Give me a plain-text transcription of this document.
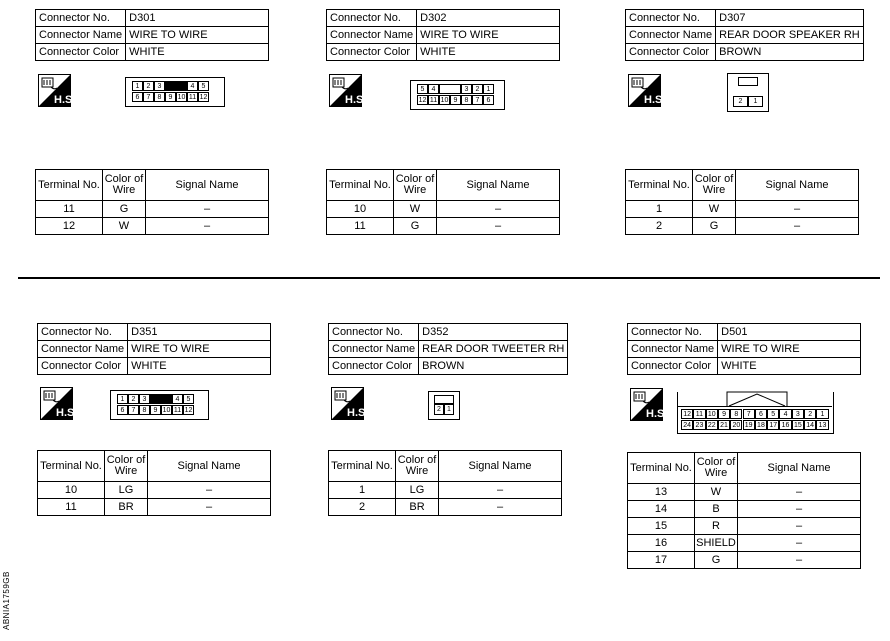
ABNIA1759GB
Connector No.	D301
Connector Name	WIRE TO WIRE
Connector Color	WHITE
H.S.
1	2	3	4	5
6	7	8	9 10 11 12
Terminal No.	Color of Wire	Signal Name
11	G	–
12	W	–
Connector No.	D302
Connector Name	WIRE TO WIRE
Connector Color	WHITE
H.S.
5	4	3	2	1
12 11 10 9	8	7	6
Terminal No.	Color of Wire	Signal Name
10	W	–
11	G	–
Connector No.	D307
Connector Name	REAR DOOR SPEAKER RH
Connector Color	BROWN
H.S.	2	1
Terminal No.	Color of Wire	Signal Name
1	W	–
2	G	–
Connector No.	D351
Connector Name	WIRE TO WIRE
Connector Color	WHITE
H.S.
1	2	3	4	5
6	7	8	9 10 11 12
Terminal No.	Color of Wire	Signal Name
10	LG	–
11	BR	–
Connector No.	D352
Connector Name	REAR DOOR TWEETER RH
Connector Color	BROWN
H.S.	2 1
Terminal No.	Color of Wire	Signal Name
1	LG	–
2	BR	–
Connector No.	D501
Connector Name	WIRE TO WIRE
Connector Color	WHITE
H.S.	12 11 10 9	8	7	6	5	4	3	2	1
24 23 22 21 20 19 18 17 16 15 14 13
Terminal No.	Color of Wire	Signal Name
13	W	–
14	B	–
15	R	–
16	SHIELD	–
17	G	–
